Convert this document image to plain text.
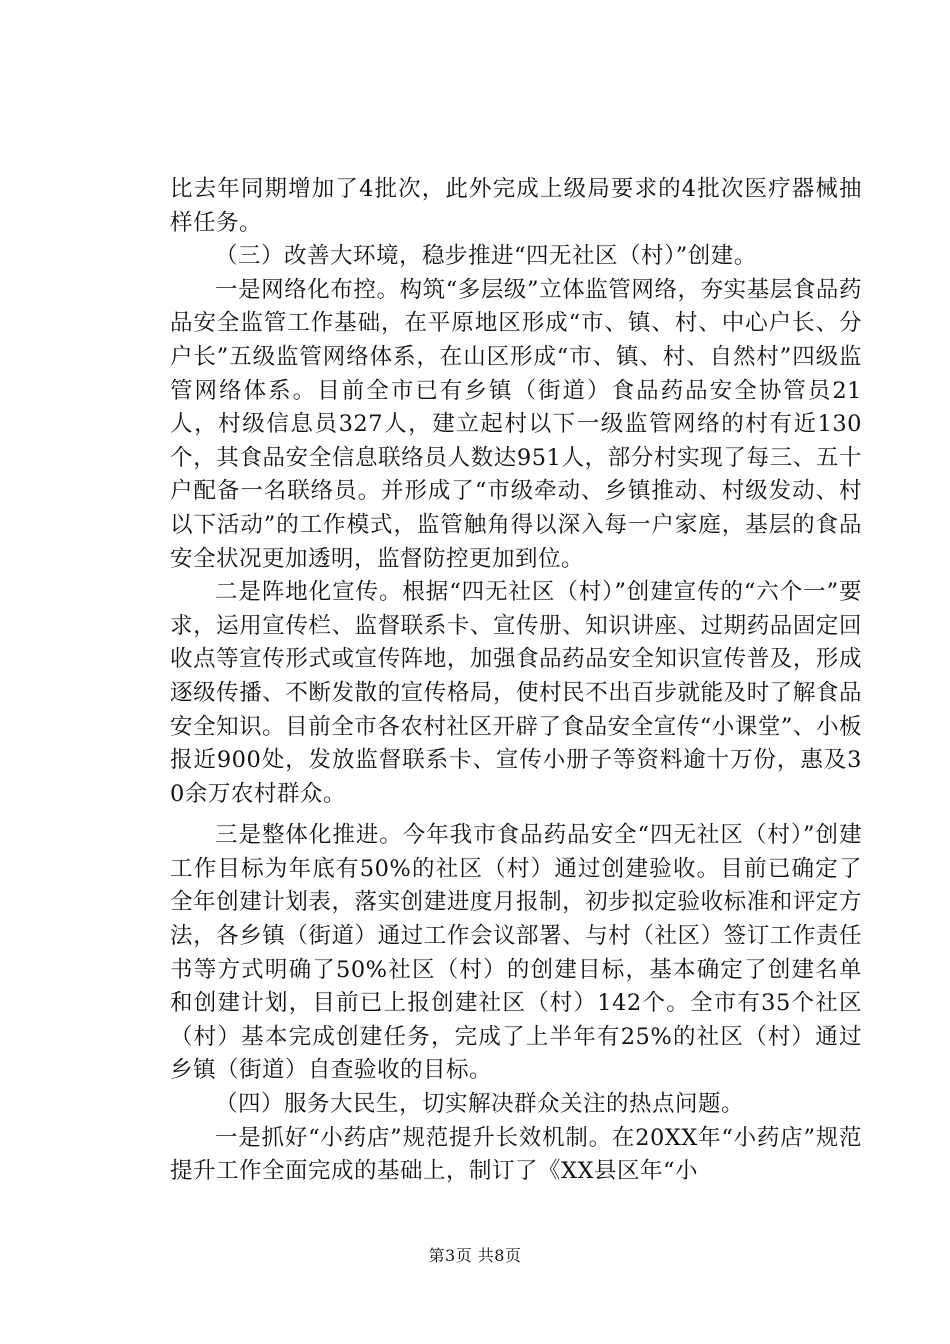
比去年同期增加了4批次，此外完成上级局要求的4批次医疗器械抽样任务。

（三）改善大环境，稳步推进“四无社区（村）”创建。

一是网络化布控。构筑“多层级”立体监管网络，夯实基层食品药品安全监管工作基础，在平原地区形成“市、镇、村、中心户长、分户长”五级监管网络体系，在山区形成“市、镇、村、自然村”四级监管网络体系。目前全市已有乡镇（街道）食品药品安全协管员21人，村级信息员327人，建立起村以下一级监管网络的村有近130个，其食品安全信息联络员人数达951人，部分村实现了每三、五十户配备一名联络员。并形成了“市级牵动、乡镇推动、村级发动、村以下活动”的工作模式，监管触角得以深入每一户家庭，基层的食品安全状况更加透明，监督防控更加到位。

二是阵地化宣传。根据“四无社区（村）”创建宣传的“六个一”要求，运用宣传栏、监督联系卡、宣传册、知识讲座、过期药品固定回收点等宣传形式或宣传阵地，加强食品药品安全知识宣传普及，形成逐级传播、不断发散的宣传格局，使村民不出百步就能及时了解食品安全知识。目前全市各农村社区开辟了食品安全宣传“小课堂”、小板报近900处，发放监督联系卡、宣传小册子等资料逾十万份，惠及30余万农村群众。

三是整体化推进。今年我市食品药品安全“四无社区（村）”创建工作目标为年底有50%的社区（村）通过创建验收。目前已确定了全年创建计划表，落实创建进度月报制，初步拟定验收标准和评定方法，各乡镇（街道）通过工作会议部署、与村（社区）签订工作责任书等方式明确了50%社区（村）的创建目标，基本确定了创建名单和创建计划，目前已上报创建社区（村）142个。全市有35个社区（村）基本完成创建任务，完成了上半年有25%的社区（村）通过乡镇（街道）自查验收的目标。

（四）服务大民生，切实解决群众关注的热点问题。

一是抓好“小药店”规范提升长效机制。在20XX年“小药店”规范提升工作全面完成的基础上，制订了《XX县区年“小

第3页 共8页
